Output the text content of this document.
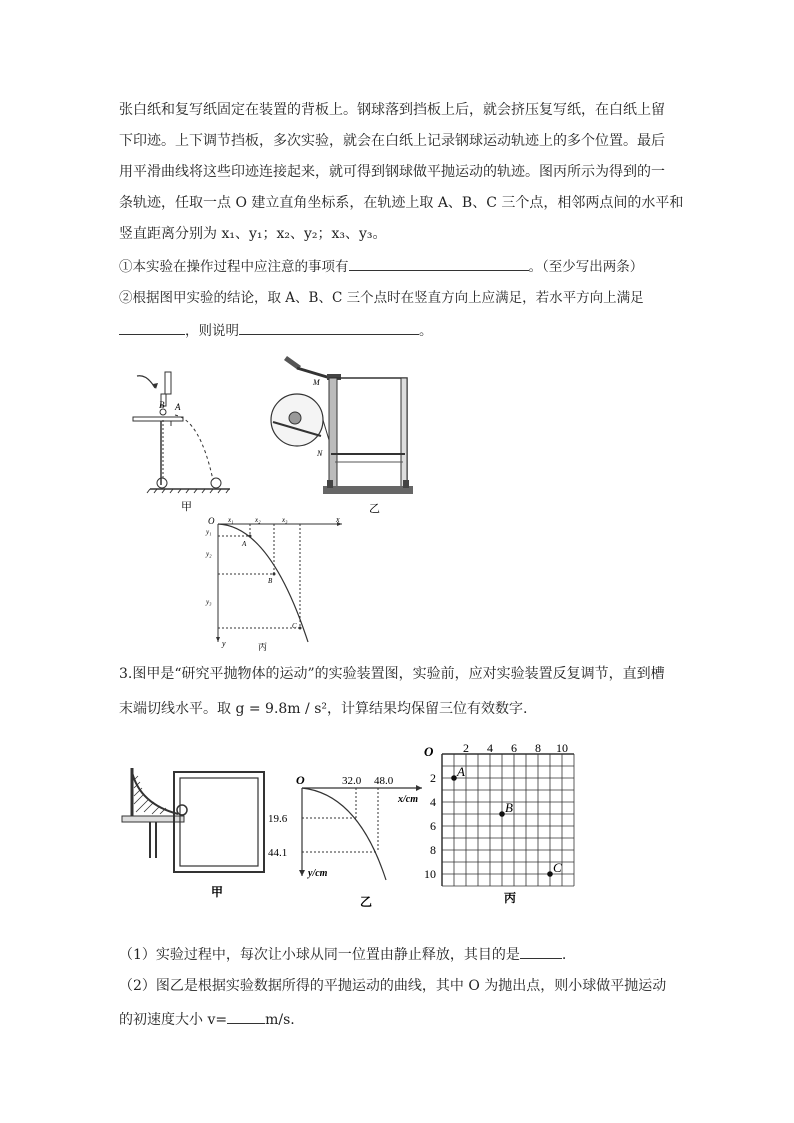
张白纸和复写纸固定在装置的背板上。钢球落到挡板上后，就会挤压复写纸，在白纸上留
下印迹。上下调节挡板，多次实验，就会在白纸上记录钢球运动轨迹上的多个位置。最后
用平滑曲线将这些印迹连接起来，就可得到钢球做平抛运动的轨迹。图丙所示为得到的一
条轨迹，任取一点 O 建立直角坐标系，在轨迹上取 A、B、C 三个点，相邻两点间的水平和
竖直距离分别为 x₁、y₁；x₂、y₂；x₃、y₃。
①本实验在操作过程中应注意的事项有	。（至少写出两条）
②根据图甲实验的结论，取 A、B、C 三个点时在竖直方向上应满足，若水平方向上满足
，则说明	。
B A
甲
M
N
乙
O	x
y
x₁	x₂	x₃
y₁
y₂
y₃
A
B
C
丙
3.图甲是“研究平抛物体的运动”的实验装置图，实验前，应对实验装置反复调节，直到槽
末端切线水平。取 g = 9.8m / s²，计算结果均保留三位有效数字.
甲
O	32.0 48.0
x/cm
19.6
44.1
y/cm
乙
A
B
C
O 2 4 6 8 10
2
4
6
8
10
丙
（1）实验过程中，每次让小球从同一位置由静止释放，其目的是	.
（2）图乙是根据实验数据所得的平抛运动的曲线，其中 O 为抛出点，则小球做平抛运动
的初速度大小 v=	m/s.
